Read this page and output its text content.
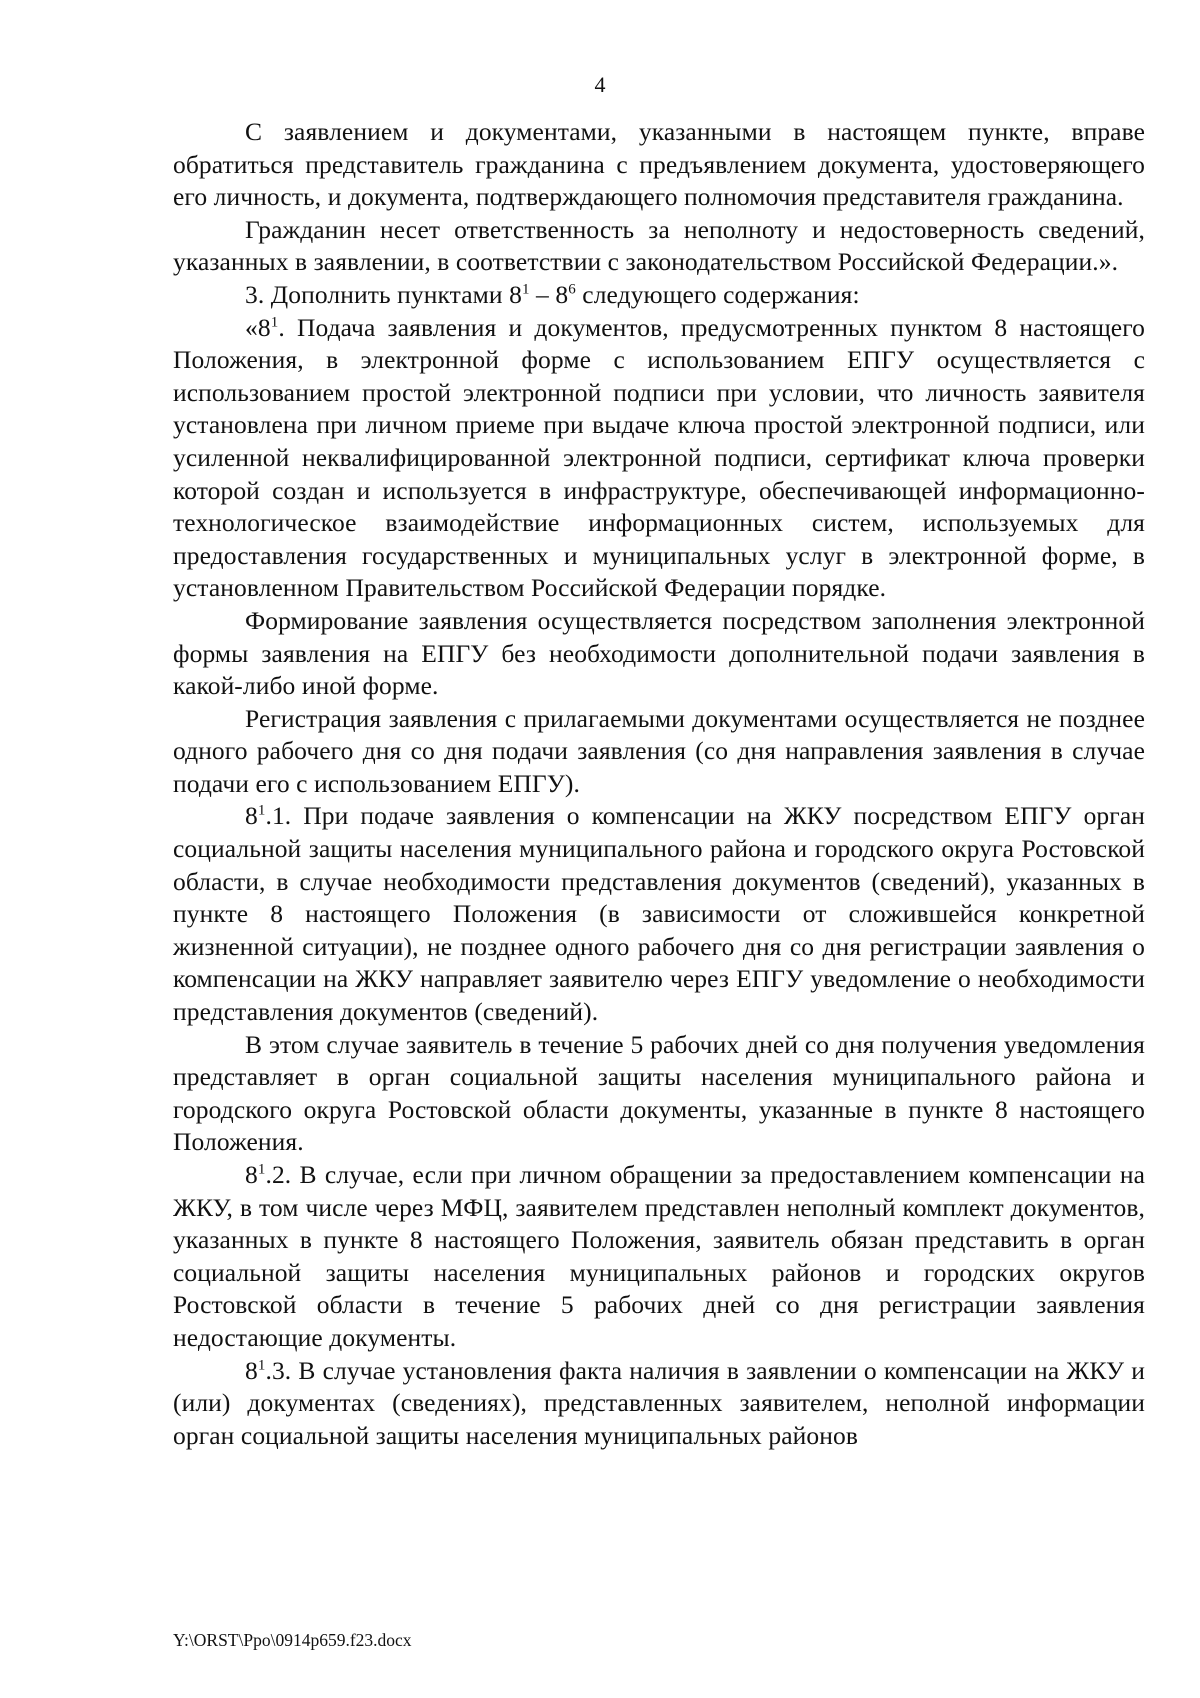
4

С заявлением и документами, указанными в настоящем пункте, вправе обратиться представитель гражданина с предъявлением документа, удостоверяющего его личность, и документа, подтверждающего полномочия представителя гражданина.

Гражданин несет ответственность за неполноту и недостоверность сведений, указанных в заявлении, в соответствии с законодательством Российской Федерации.».

3. Дополнить пунктами $8^1 - 8^6$ следующего содержания:

«$8^1$. Подача заявления и документов, предусмотренных пунктом 8 настоящего Положения, в электронной форме с использованием ЕПГУ осуществляется с использованием простой электронной подписи при условии, что личность заявителя установлена при личном приеме при выдаче ключа простой электронной подписи, или усиленной неквалифицированной электронной подписи, сертификат ключа проверки которой создан и используется в инфраструктуре, обеспечивающей информационно-технологическое взаимодействие информационных систем, используемых для предоставления государственных и муниципальных услуг в электронной форме, в установленном Правительством Российской Федерации порядке.

Формирование заявления осуществляется посредством заполнения электронной формы заявления на ЕПГУ без необходимости дополнительной подачи заявления в какой-либо иной форме.

Регистрация заявления с прилагаемыми документами осуществляется не позднее одного рабочего дня со дня подачи заявления (со дня направления заявления в случае подачи его с использованием ЕПГУ).

$8^1.1$. При подаче заявления о компенсации на ЖКУ посредством ЕПГУ орган социальной защиты населения муниципального района и городского округа Ростовской области, в случае необходимости представления документов (сведений), указанных в пункте 8 настоящего Положения (в зависимости от сложившейся конкретной жизненной ситуации), не позднее одного рабочего дня со дня регистрации заявления о компенсации на ЖКУ направляет заявителю через ЕПГУ уведомление о необходимости представления документов (сведений).

В этом случае заявитель в течение 5 рабочих дней со дня получения уведомления представляет в орган социальной защиты населения муниципального района и городского округа Ростовской области документы, указанные в пункте 8 настоящего Положения.

$8^1.2$. В случае, если при личном обращении за предоставлением компенсации на ЖКУ, в том числе через МФЦ, заявителем представлен неполный комплект документов, указанных в пункте 8 настоящего Положения, заявитель обязан представить в орган социальной защиты населения муниципальных районов и городских округов Ростовской области в течение 5 рабочих дней со дня регистрации заявления недостающие документы.

$8^1.3$. В случае установления факта наличия в заявлении о компенсации на ЖКУ и (или) документах (сведениях), представленных заявителем, неполной информации орган социальной защиты населения муниципальных районов

Y:\ORST\Ppo\0914p659.f23.docx
